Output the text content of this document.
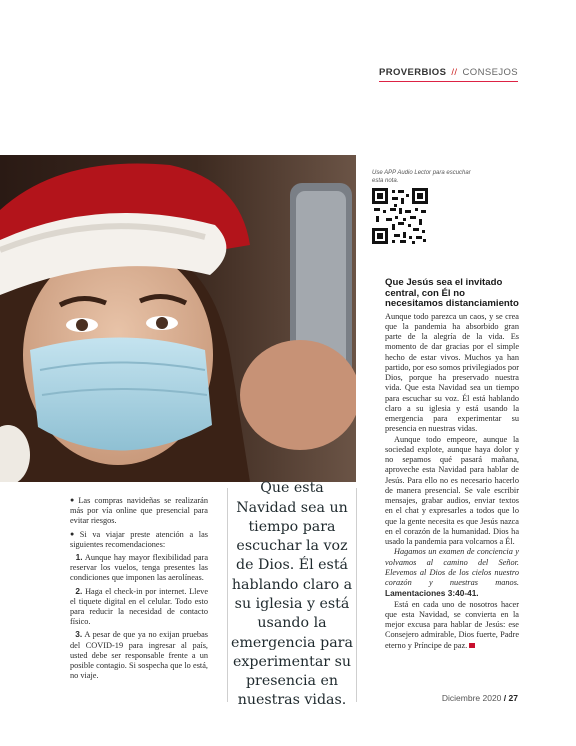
PROVERBIOS // CONSEJOS
Use APP Audio Lector para escuchar esta nota.
Que Jesús sea el invitado central, con Él no necesitamos distanciamiento

Aunque todo parezca un caos, y se crea que la pandemia ha absorbido gran parte de la alegría de la vida. Es momento de dar gracias por el simple hecho de estar vivos. Muchos ya han partido, por eso somos privilegiados por Dios, porque ha preservado nuestra vida. Que esta Navidad sea un tiempo para escuchar su voz. Él está hablando claro a su iglesia y está usando la emergencia para experimentar su presencia en nuestras vidas.

Aunque todo empeore, aunque la sociedad explote, aunque haya dolor y no sepamos qué pasará mañana, aproveche esta Navidad para hablar de Jesús. Para ello no es necesario hacerlo de manera presencial. Se vale escribir mensajes, grabar audios, enviar textos en el chat y expresarles a todos que lo que la gente necesita es que Jesús nazca en el corazón de la humanidad. Dios ha usado la pandemia para volcarnos a Él.

Hagamos un examen de conciencia y volvamos al camino del Señor. Elevemos al Dios de los cielos nuestro corazón y nuestras manos. Lamentaciones 3:40-41.

Está en cada uno de nosotros hacer que esta Navidad, se convierta en la mejor excusa para hablar de Jesús: ese Consejero admirable, Dios fuerte, Padre eterno y Príncipe de paz.

● Las compras navideñas se realizarán más por vía online que presencial para evitar riesgos.

● Si va viajar preste atención a las siguientes recomendaciones:

1. Aunque hay mayor flexibilidad para reservar los vuelos, tenga presentes las condiciones que imponen las aerolíneas.

2. Haga el check-in por internet. Lleve el tiquete digital en el celular. Todo esto para reducir la necesidad de contacto físico.

3. A pesar de que ya no exijan pruebas del COVID-19 para ingresar al país, usted debe ser responsable frente a un posible contagio. Si sospecha que lo está, no viaje.

Que esta Navidad sea un tiempo para escuchar la voz de Dios. Él está hablando claro a su iglesia y está usando la emergencia para experimentar su presencia en nuestras vidas.	Diciembre 2020 / 27
